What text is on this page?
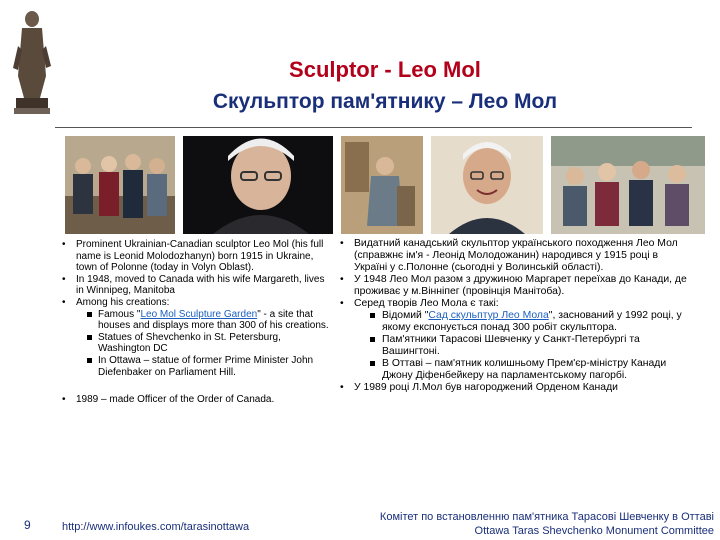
Sculptor - Leo Mol
Скульптор пам'ятнику – Лео Мол
• Prominent Ukrainian-Canadian sculptor Leo Mol (his full name is Leonid Molodozhanyn) born 1915 in Ukraine, town of Polonne (today in Volyn Oblast).
• In 1948, moved to Canada with his wife Margareth, lives in Winnipeg, Manitoba
• Among his creations:
Famous "Leo Mol Sculpture Garden" - a site that houses and displays more than 300 of his creations.
Statues of Shevchenko in St. Petersburg, Washington DC
In Ottawa – statue of former Prime Minister John Diefenbaker on Parliament Hill.
• 1989 – made Officer of the Order of Canada.
• Видатний канадський скульптор українського походження Лео Мол (справжнє ім'я - Леонід Молодожанин) народився у 1915 році в Україні у с.Полонне (сьогодні у Волинській області).
• У 1948 Лео Мол разом з дружиною Маргарет переїхав до Канади, де проживає у м.Вінніпег (провінція Манітоба).
• Серед творів Лео Мола є такі:
Відомий "Сад скульптур Лео Мола", заснований у 1992 році, у якому експонується понад 300 робіт скульптора.
Пам'ятники Тарасові Шевченку у Санкт-Петербургі та Вашингтоні.
В Оттаві – пам'ятник колишньому Прем'єр-міністру Канади Джону Діфенбейкеру на парламентському пагорбі.
• У 1989 році Л.Мол був нагороджений Орденом Канади
9	http://www.infoukes.com/tarasinottawa
Комітет по встановленню пам'ятника Тарасові Шевченку в Оттаві
Ottawa Taras Shevchenko Monument Committee
